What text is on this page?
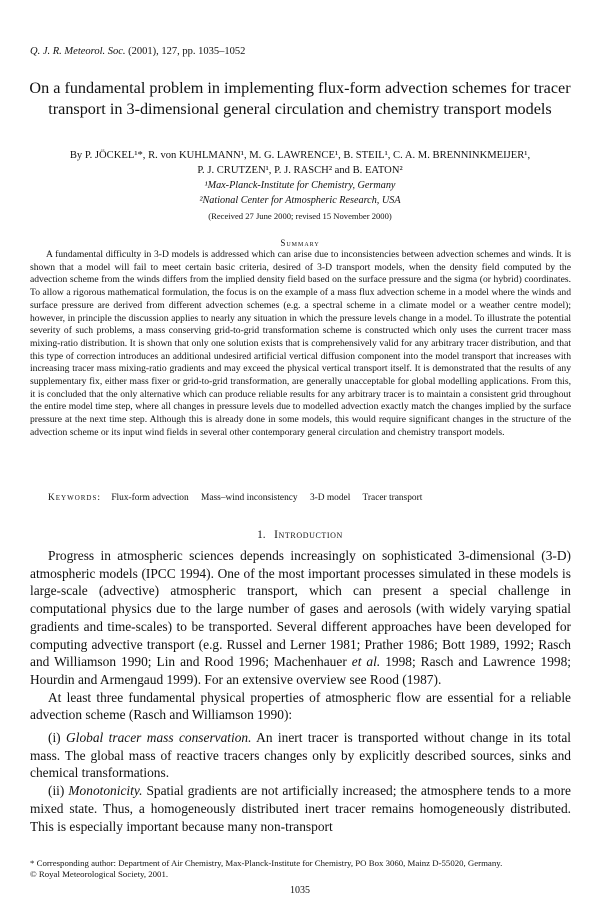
Q. J. R. Meteorol. Soc. (2001), 127, pp. 1035–1052
On a fundamental problem in implementing flux-form advection schemes for tracer transport in 3-dimensional general circulation and chemistry transport models
By P. JÖCKEL¹*, R. von KUHLMANN¹, M. G. LAWRENCE¹, B. STEIL¹, C. A. M. BRENNINKMEIJER¹,
P. J. CRUTZEN¹, P. J. RASCH² and B. EATON²
¹Max-Planck-Institute for Chemistry, Germany
²National Center for Atmospheric Research, USA
(Received 27 June 2000; revised 15 November 2000)
Summary
A fundamental difficulty in 3-D models is addressed which can arise due to inconsistencies between advection schemes and winds. It is shown that a model will fail to meet certain basic criteria, desired of 3-D transport models, when the density field computed by the advection scheme from the winds differs from the implied density field based on the surface pressure and the sigma (or hybrid) coordinates. To allow a rigorous mathematical formulation, the focus is on the example of a mass flux advection scheme in a model where the winds and surface pressure are derived from different advection schemes (e.g. a spectral scheme in a climate model or a weather centre model); however, in principle the discussion applies to nearly any situation in which the pressure levels change in a model. To illustrate the potential severity of such problems, a mass conserving grid-to-grid transformation scheme is constructed which only uses the current tracer mass mixing-ratio distribution. It is shown that only one solution exists that is comprehensively valid for any arbitrary tracer distribution, and that this type of correction introduces an additional undesired artificial vertical diffusion component into the model transport that increases with increasing tracer mass mixing-ratio gradients and may exceed the physical vertical transport itself. It is demonstrated that the results of any supplementary fix, either mass fixer or grid-to-grid transformation, are generally unacceptable for global modelling applications. From this, it is concluded that the only alternative which can produce reliable results for any arbitrary tracer is to maintain a consistent grid throughout the entire model time step, where all changes in pressure levels due to modelled advection exactly match the changes implied by the surface pressure at the next time step. Although this is already done in some models, this would require significant changes in the structure of the advection scheme or its input wind fields in several other contemporary general circulation and chemistry transport models.
Keywords: Flux-form advection Mass–wind inconsistency 3-D model Tracer transport
1. Introduction

Progress in atmospheric sciences depends increasingly on sophisticated 3-dimensional (3-D) atmospheric models (IPCC 1994). One of the most important processes simulated in these models is large-scale (advective) atmospheric transport, which can present a special challenge in computational physics due to the large number of gases and aerosols (with widely varying spatial gradients and time-scales) to be transported. Several different approaches have been developed for computing advective transport (e.g. Russel and Lerner 1981; Prather 1986; Bott 1989, 1992; Rasch and Williamson 1990; Lin and Rood 1996; Machenhauer et al. 1998; Rasch and Lawrence 1998; Hourdin and Armengaud 1999). For an extensive overview see Rood (1987).

At least three fundamental physical properties of atmospheric flow are essential for a reliable advection scheme (Rasch and Williamson 1990):

(i) Global tracer mass conservation. An inert tracer is transported without change in its total mass. The global mass of reactive tracers changes only by explicitly described sources, sinks and chemical transformations.

(ii) Monotonicity. Spatial gradients are not artificially increased; the atmosphere tends to a more mixed state. Thus, a homogeneously distributed inert tracer remains homogeneously distributed. This is especially important because many non-transport

* Corresponding author: Department of Air Chemistry, Max-Planck-Institute for Chemistry, PO Box 3060, Mainz D-55020, Germany.
© Royal Meteorological Society, 2001.
1035
